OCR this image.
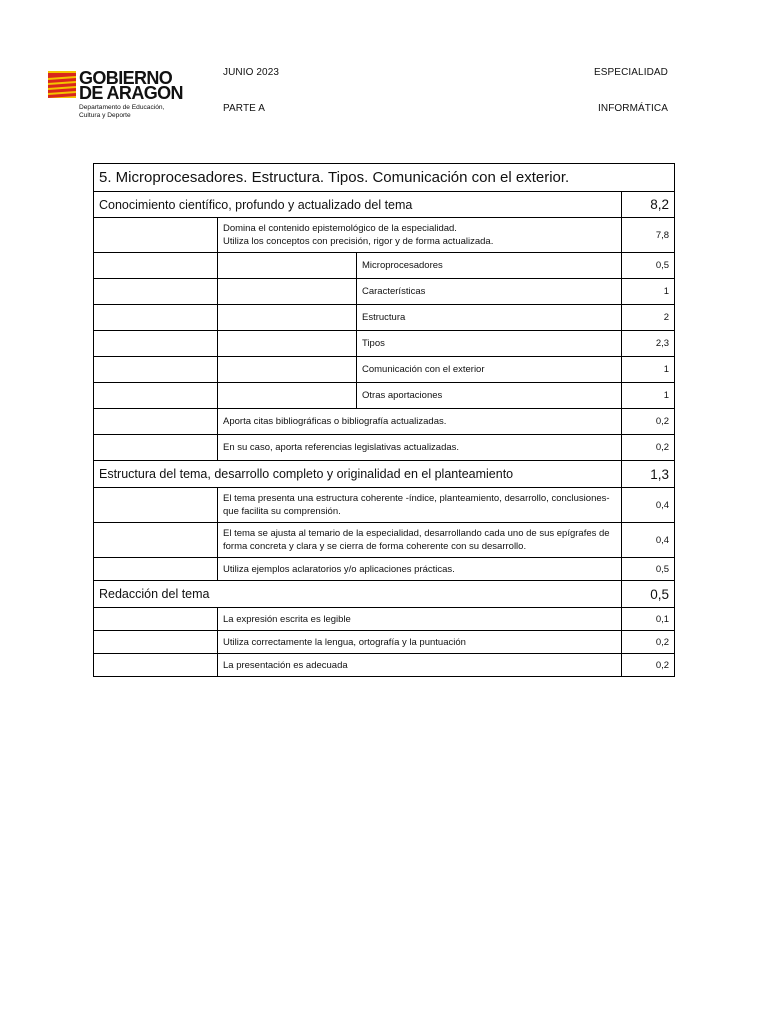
GOBIERNO
DE ARAGON
Departamento de Educación,
Cultura y Deporte
JUNIO 2023
PARTE A
ESPECIALIDAD
INFORMÁTICA
5. Microprocesadores. Estructura. Tipos. Comunicación con el exterior.			
Conocimiento científico, profundo y actualizado del tema			8,2
	Domina el contenido epistemológico de la especialidad.
Utiliza los conceptos con precisión, rigor y de forma actualizada.		7,8
		Microprocesadores	0,5
		Características	1
		Estructura	2
		Tipos	2,3
		Comunicación con el exterior	1
		Otras aportaciones	1
	Aporta citas bibliográficas o bibliografía actualizadas.		0,2
	En su caso, aporta referencias legislativas actualizadas.		0,2
Estructura del tema, desarrollo completo y originalidad en el planteamiento			1,3
	El tema presenta una estructura coherente -índice, planteamiento, desarrollo, conclusiones- que facilita su comprensión.		0,4
	El tema se ajusta al temario de la especialidad, desarrollando cada uno de sus epígrafes de forma concreta y clara y se cierra de forma coherente con su desarrollo.		0,4
	Utiliza ejemplos aclaratorios y/o aplicaciones prácticas.		0,5
Redacción del tema			0,5
	La expresión escrita es legible		0,1
	Utiliza correctamente la lengua, ortografía y la puntuación		0,2
	La presentación es adecuada		0,2
